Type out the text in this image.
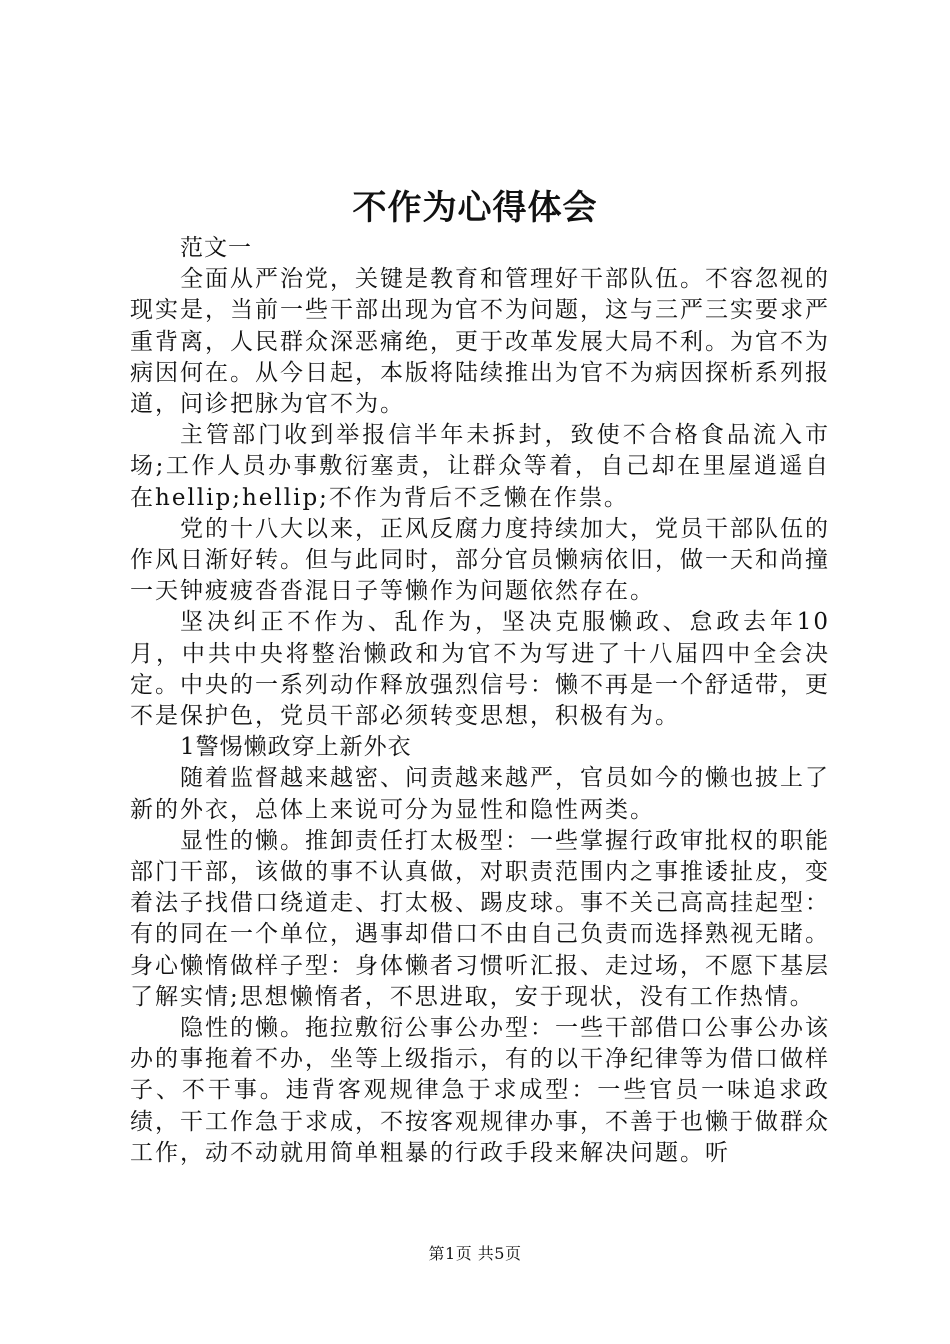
不作为心得体会

范文一

全面从严治党，关键是教育和管理好干部队伍。不容忽视的现实是，当前一些干部出现为官不为问题，这与三严三实要求严重背离，人民群众深恶痛绝，更于改革发展大局不利。为官不为病因何在。从今日起，本版将陆续推出为官不为病因探析系列报道，问诊把脉为官不为。

主管部门收到举报信半年未拆封，致使不合格食品流入市场;工作人员办事敷衍塞责，让群众等着，自己却在里屋逍遥自在hellip;hellip;不作为背后不乏懒在作祟。

党的十八大以来，正风反腐力度持续加大，党员干部队伍的作风日渐好转。但与此同时，部分官员懒病依旧，做一天和尚撞一天钟疲疲沓沓混日子等懒作为问题依然存在。

坚决纠正不作为、乱作为，坚决克服懒政、怠政去年10月，中共中央将整治懒政和为官不为写进了十八届四中全会决定。中央的一系列动作释放强烈信号：懒不再是一个舒适带，更不是保护色，党员干部必须转变思想，积极有为。

1警惕懒政穿上新外衣

随着监督越来越密、问责越来越严，官员如今的懒也披上了新的外衣，总体上来说可分为显性和隐性两类。

显性的懒。推卸责任打太极型：一些掌握行政审批权的职能部门干部，该做的事不认真做，对职责范围内之事推诿扯皮，变着法子找借口绕道走、打太极、踢皮球。事不关己高高挂起型：有的同在一个单位，遇事却借口不由自己负责而选择熟视无睹。身心懒惰做样子型：身体懒者习惯听汇报、走过场，不愿下基层了解实情;思想懒惰者，不思进取，安于现状，没有工作热情。

隐性的懒。拖拉敷衍公事公办型：一些干部借口公事公办该办的事拖着不办，坐等上级指示，有的以干净纪律等为借口做样子、不干事。违背客观规律急于求成型：一些官员一味追求政绩，干工作急于求成，不按客观规律办事，不善于也懒于做群众工作，动不动就用简单粗暴的行政手段来解决问题。听

第1页 共5页
